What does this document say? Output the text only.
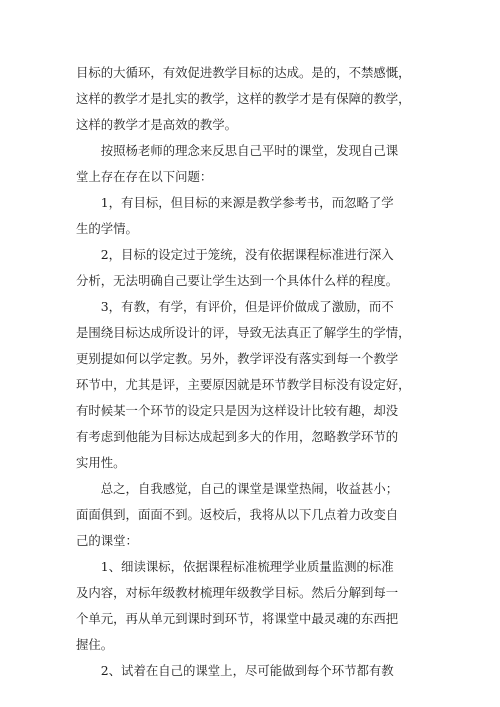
目标的大循环，有效促进教学目标的达成。是的，不禁感慨，
这样的教学才是扎实的教学，这样的教学才是有保障的教学，
这样的教学才是高效的教学。
　　按照杨老师的理念来反思自己平时的课堂，发现自己课
堂上存在存在以下问题：
　　1，有目标，但目标的来源是教学参考书，而忽略了学
生的学情。
　　2，目标的设定过于笼统，没有依据课程标准进行深入
分析，无法明确自己要让学生达到一个具体什么样的程度。
　　3，有教，有学，有评价，但是评价做成了激励，而不
是围绕目标达成所设计的评，导致无法真正了解学生的学情，
更别提如何以学定教。另外，教学评没有落实到每一个教学
环节中，尤其是评，主要原因就是环节教学目标没有设定好，
有时候某一个环节的设定只是因为这样设计比较有趣，却没
有考虑到他能为目标达成起到多大的作用，忽略教学环节的
实用性。
　　总之，自我感觉，自己的课堂是课堂热闹，收益甚小；
面面俱到，面面不到。返校后，我将从以下几点着力改变自
己的课堂：
　　1、细读课标，依据课程标准梳理学业质量监测的标准
及内容，对标年级教材梳理年级教学目标。然后分解到每一
个单元，再从单元到课时到环节，将课堂中最灵魂的东西把
握住。
　　2、试着在自己的课堂上，尽可能做到每个环节都有教
